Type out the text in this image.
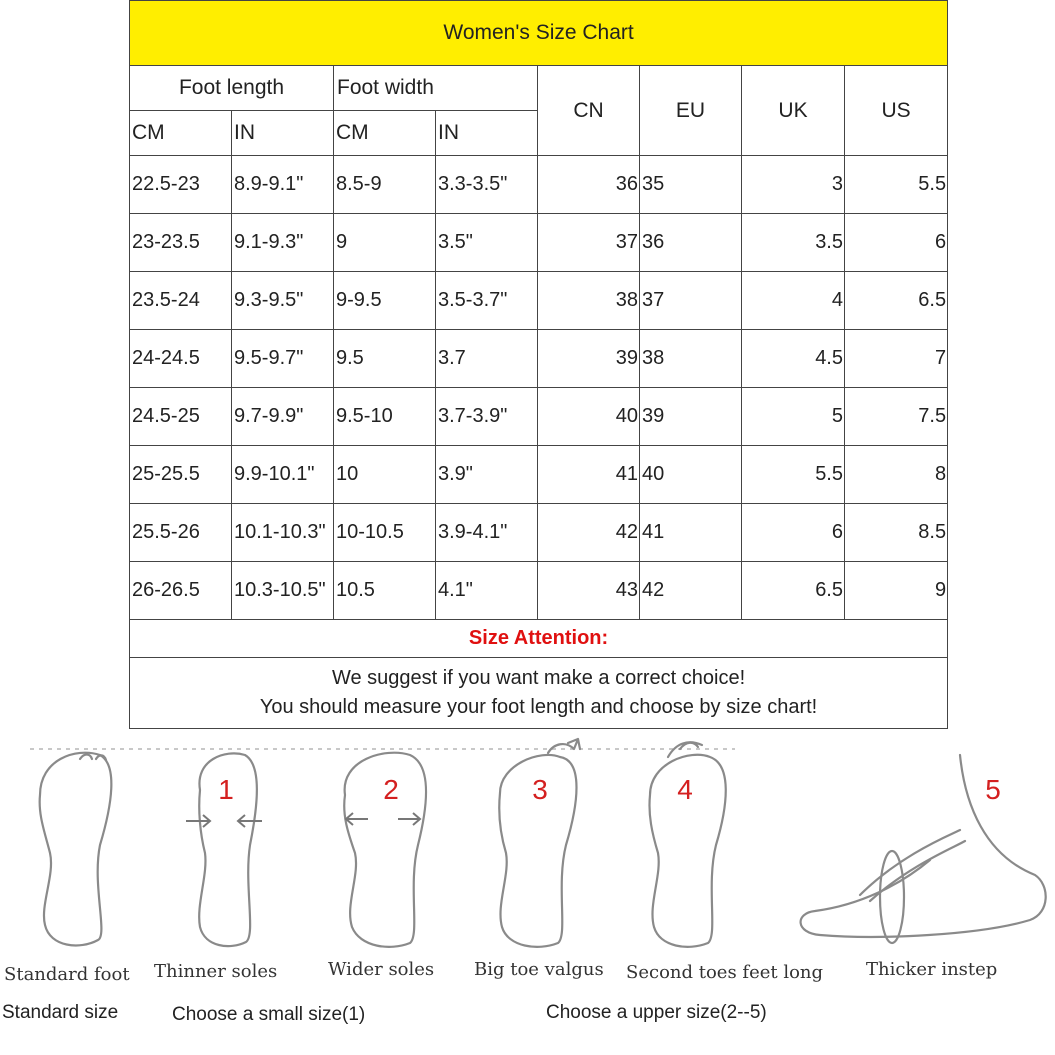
Women's Size Chart							
Foot length		Foot width		CN	EU	UK	US
CM	IN	CM	IN				
22.5-23	8.9-9.1"	8.5-9	3.3-3.5"	36	35	3	5.5
23-23.5	9.1-9.3"	9	3.5"	37	36	3.5	6
23.5-24	9.3-9.5"	9-9.5	3.5-3.7"	38	37	4	6.5
24-24.5	9.5-9.7"	9.5	3.7	39	38	4.5	7
24.5-25	9.7-9.9"	9.5-10	3.7-3.9"	40	39	5	7.5
25-25.5	9.9-10.1"	10	3.9"	41	40	5.5	8
25.5-26	10.1-10.3"	10-10.5	3.9-4.1"	42	41	6	8.5
26-26.5	10.3-10.5"	10.5	4.1"	43	42	6.5	9
Size Attention:							

We suggest if you want make a correct choice!
You should measure your foot length and choose by size chart!							
1	2	3	4	5
Standard foot Thinner soles	Wider soles Big toe valgus Second toes feet long Thicker instep
Standard size	Choose a small size(1)	Choose a upper size(2--5)
